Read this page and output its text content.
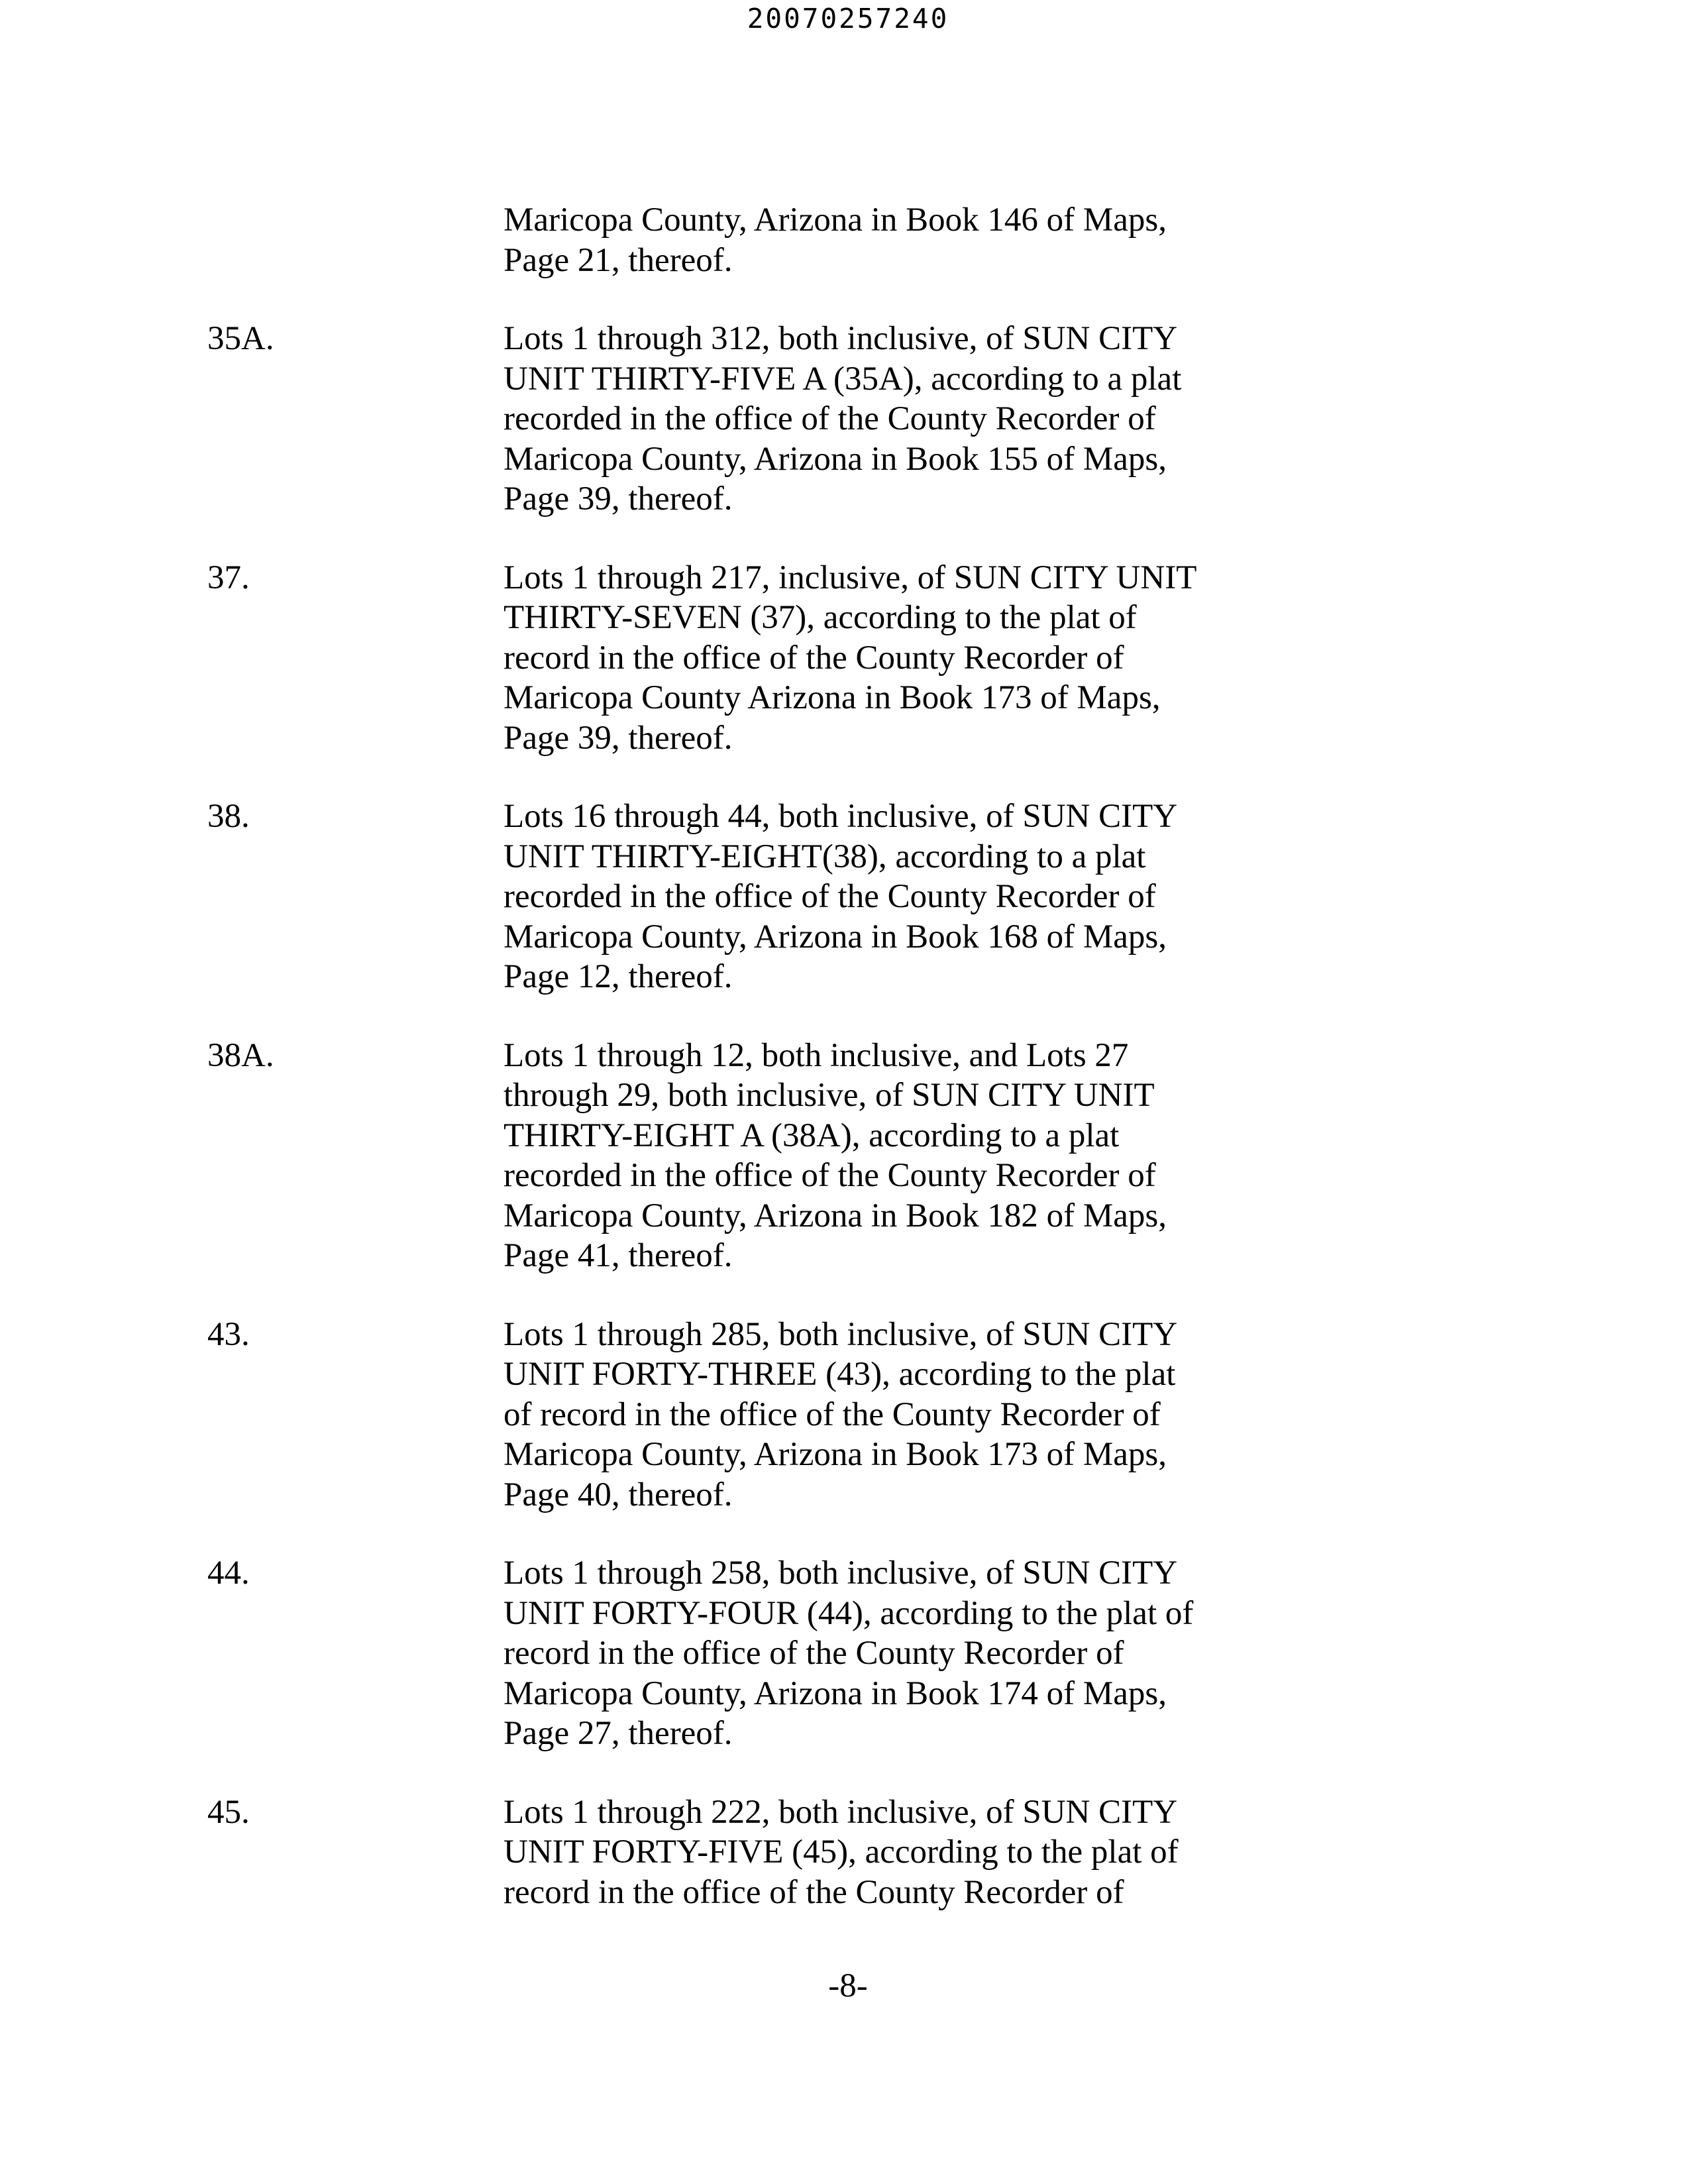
20070257240
Maricopa County, Arizona in Book 146 of Maps,
Page 21, thereof.
35A.	Lots 1 through 312, both inclusive, of SUN CITY
UNIT THIRTY-FIVE A (35A), according to a plat
recorded in the office of the County Recorder of
Maricopa County, Arizona in Book 155 of Maps,
Page 39, thereof.
37.	Lots 1 through 217, inclusive, of SUN CITY UNIT
THIRTY-SEVEN (37), according to the plat of
record in the office of the County Recorder of
Maricopa County Arizona in Book 173 of Maps,
Page 39, thereof.
38.	Lots 16 through 44, both inclusive, of SUN CITY
UNIT THIRTY-EIGHT(38), according to a plat
recorded in the office of the County Recorder of
Maricopa County, Arizona in Book 168 of Maps,
Page 12, thereof.
38A.	Lots 1 through 12, both inclusive, and Lots 27
through 29, both inclusive, of SUN CITY UNIT
THIRTY-EIGHT A (38A), according to a plat
recorded in the office of the County Recorder of
Maricopa County, Arizona in Book 182 of Maps,
Page 41, thereof.
43.	Lots 1 through 285, both inclusive, of SUN CITY
UNIT FORTY-THREE (43), according to the plat
of record in the office of the County Recorder of
Maricopa County, Arizona in Book 173 of Maps,
Page 40, thereof.
44.	Lots 1 through 258, both inclusive, of SUN CITY
UNIT FORTY-FOUR (44), according to the plat of
record in the office of the County Recorder of
Maricopa County, Arizona in Book 174 of Maps,
Page 27, thereof.
45.	Lots 1 through 222, both inclusive, of SUN CITY
UNIT FORTY-FIVE (45), according to the plat of
record in the office of the County Recorder of
-8-
